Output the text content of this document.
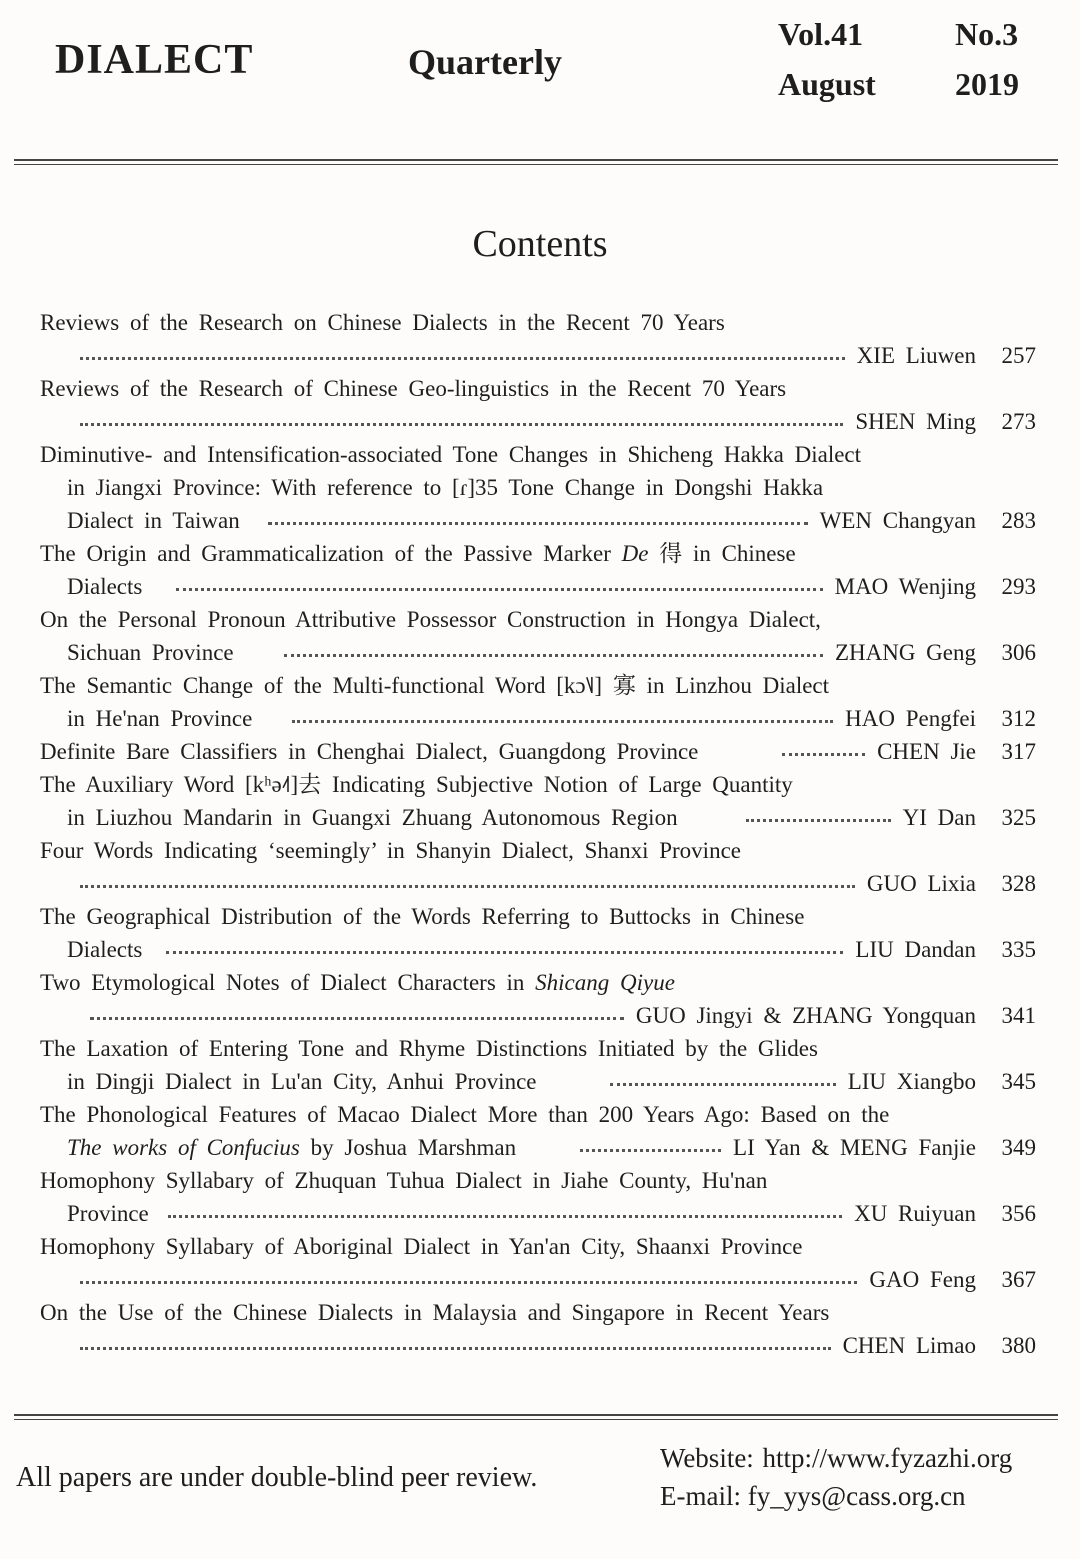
DIALECT	Quarterly
Vol.41	No.3
August 2019
Contents
Reviews of the Research on Chinese Dialects in the Recent 70 Years
XIE Liuwen 257
Reviews of the Research of Chinese Geo-linguistics in the Recent 70 Years
SHEN Ming 273
Diminutive- and Intensification-associated Tone Changes in Shicheng Hakka Dialect
in Jiangxi Province: With reference to [ɾ]35 Tone Change in Dongshi Hakka
Dialect in Taiwan	WEN Changyan 283
The Origin and Grammaticalization of the Passive Marker De 得 in Chinese
Dialects	MAO Wenjing 293
On the Personal Pronoun Attributive Possessor Construction in Hongya Dialect,
Sichuan Province	ZHANG Geng 306
The Semantic Change of the Multi-functional Word [kɔ˥˩] 寡 in Linzhou Dialect
in He'nan Province	HAO Pengfei 312
Definite Bare Classifiers in Chenghai Dialect, Guangdong Province	CHEN Jie 317
The Auxiliary Word [kʰə˨˦]去 Indicating Subjective Notion of Large Quantity
in Liuzhou Mandarin in Guangxi Zhuang Autonomous Region	YI Dan 325
Four Words Indicating ‘seemingly’ in Shanyin Dialect, Shanxi Province
GUO Lixia 328
The Geographical Distribution of the Words Referring to Buttocks in Chinese
Dialects	LIU Dandan 335
Two Etymological Notes of Dialect Characters in Shicang Qiyue
GUO Jingyi & ZHANG Yongquan 341
The Laxation of Entering Tone and Rhyme Distinctions Initiated by the Glides
in Dingji Dialect in Lu'an City, Anhui Province	LIU Xiangbo 345
The Phonological Features of Macao Dialect More than 200 Years Ago: Based on the
The works of Confucius by Joshua Marshman	LI Yan & MENG Fanjie 349
Homophony Syllabary of Zhuquan Tuhua Dialect in Jiahe County, Hu'nan
Province	XU Ruiyuan 356
Homophony Syllabary of Aboriginal Dialect in Yan'an City, Shaanxi Province
GAO Feng 367
On the Use of the Chinese Dialects in Malaysia and Singapore in Recent Years
CHEN Limao 380
All papers are under double-blind peer review.
Website: http://www.fyzazhi.org
E-mail: fy_yys@cass.org.cn
